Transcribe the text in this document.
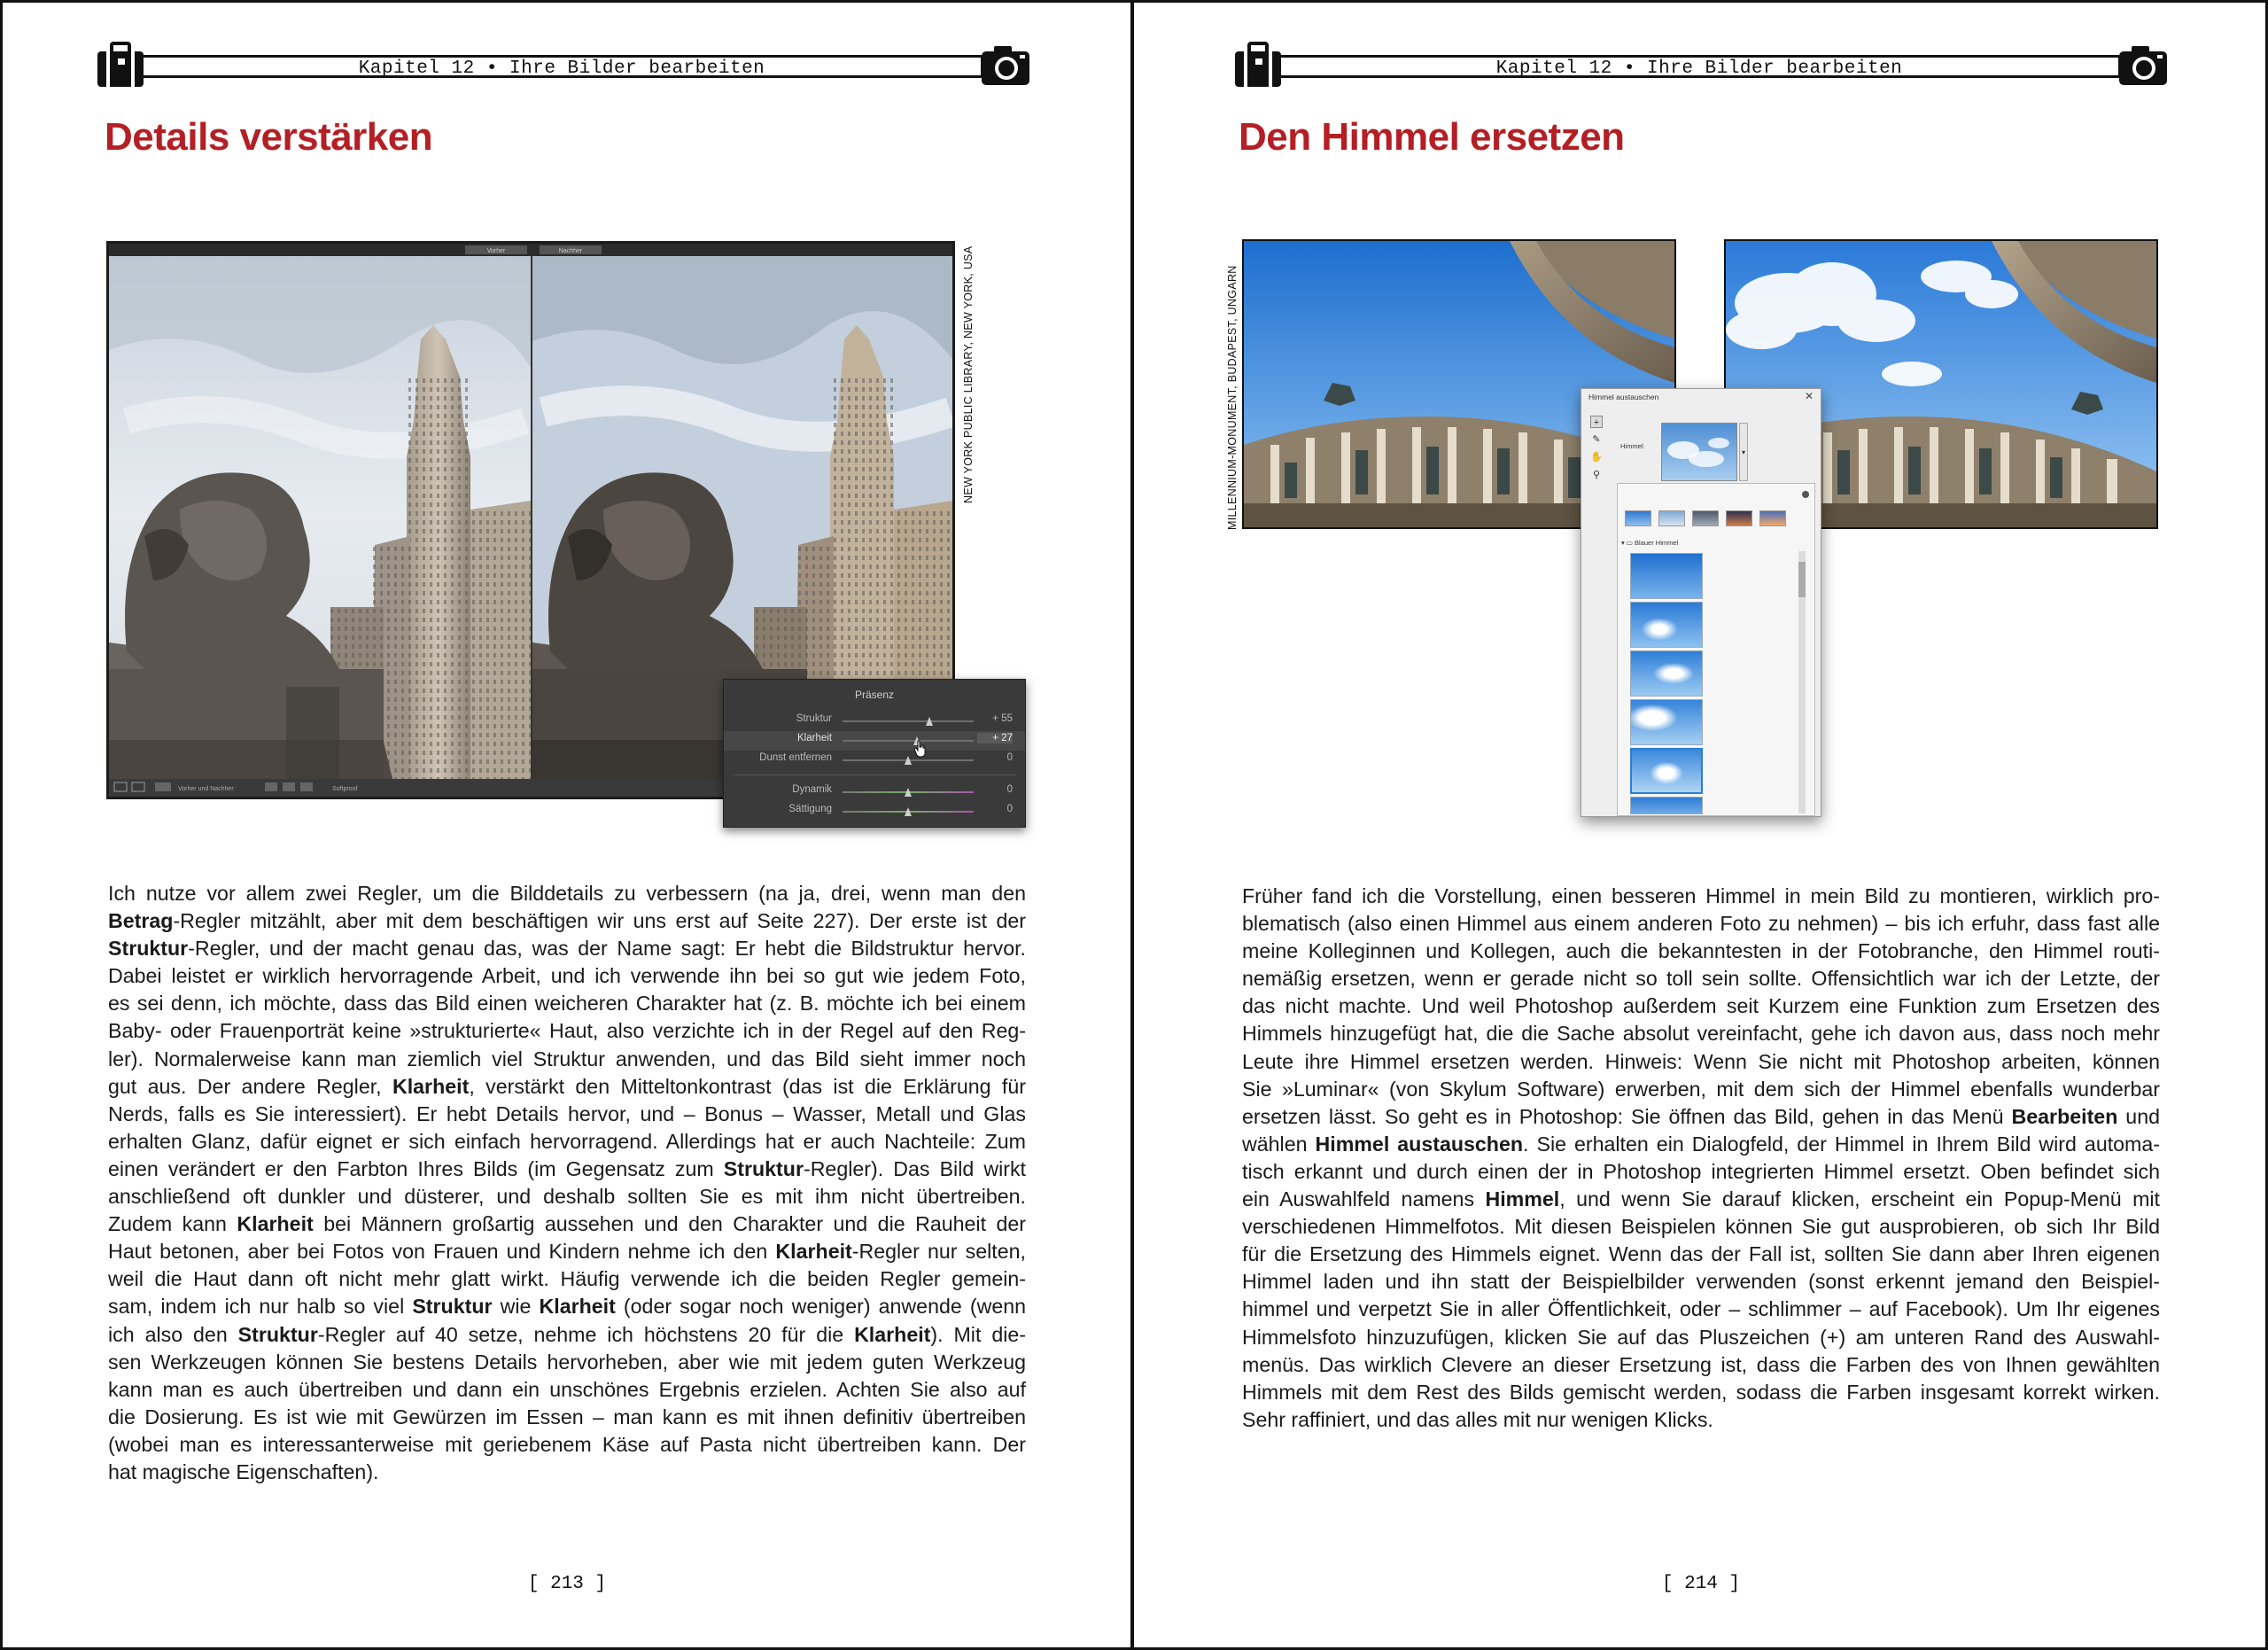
Kapitel 12 • Ihre Bilder bearbeiten
Details verstärken
Vorher	Nachher
Vorher und Nachher	Softproof
Präsenz
Struktur	+ 55
Klarheit	+ 27
Dunst entfernen	0
Dynamik	0
Sättigung	0
NEW YORK PUBLIC LIBRARY, NEW YORK, USA
Ich nutze vor allem zwei Regler, um die Bilddetails zu verbessern (na ja, drei, wenn man den
Betrag-Regler mitzählt, aber mit dem beschäftigen wir uns erst auf Seite 227). Der erste ist der
Struktur-Regler, und der macht genau das, was der Name sagt: Er hebt die Bildstruktur hervor.
Dabei leistet er wirklich hervorragende Arbeit, und ich verwende ihn bei so gut wie jedem Foto,
es sei denn, ich möchte, dass das Bild einen weicheren Charakter hat (z. B. möchte ich bei einem
Baby- oder Frauenporträt keine »strukturierte« Haut, also verzichte ich in der Regel auf den Reg-
ler). Normalerweise kann man ziemlich viel Struktur anwenden, und das Bild sieht immer noch
gut aus. Der andere Regler, Klarheit, verstärkt den Mitteltonkontrast (das ist die Erklärung für
Nerds, falls es Sie interessiert). Er hebt Details hervor, und – Bonus – Wasser, Metall und Glas
erhalten Glanz, dafür eignet er sich einfach hervorragend. Allerdings hat er auch Nachteile: Zum
einen verändert er den Farbton Ihres Bilds (im Gegensatz zum Struktur-Regler). Das Bild wirkt
anschließend oft dunkler und düsterer, und deshalb sollten Sie es mit ihm nicht übertreiben.
Zudem kann Klarheit bei Männern großartig aussehen und den Charakter und die Rauheit der
Haut betonen, aber bei Fotos von Frauen und Kindern nehme ich den Klarheit-Regler nur selten,
weil die Haut dann oft nicht mehr glatt wirkt. Häufig verwende ich die beiden Regler gemein-
sam, indem ich nur halb so viel Struktur wie Klarheit (oder sogar noch weniger) anwende (wenn
ich also den Struktur-Regler auf 40 setze, nehme ich höchstens 20 für die Klarheit). Mit die-
sen Werkzeugen können Sie bestens Details hervorheben, aber wie mit jedem guten Werkzeug
kann man es auch übertreiben und dann ein unschönes Ergebnis erzielen. Achten Sie also auf
die Dosierung. Es ist wie mit Gewürzen im Essen – man kann es mit ihnen definitiv übertreiben
(wobei man es interessanterweise mit geriebenem Käse auf Pasta nicht übertreiben kann. Der
hat magische Eigenschaften).
[ 213 ]
Kapitel 12 • Ihre Bilder bearbeiten
Den Himmel ersetzen
MILLENNIUM-MONUMENT, BUDAPEST, UNGARN	Himmel austauschen	✕
+
✎
✋
⚲
Himmel:
▾
▾ ▭ Blauer Himmel
Früher fand ich die Vorstellung, einen besseren Himmel in mein Bild zu montieren, wirklich pro-
blematisch (also einen Himmel aus einem anderen Foto zu nehmen) – bis ich erfuhr, dass fast alle
meine Kolleginnen und Kollegen, auch die bekanntesten in der Fotobranche, den Himmel routi-
nemäßig ersetzen, wenn er gerade nicht so toll sein sollte. Offensichtlich war ich der Letzte, der
das nicht machte. Und weil Photoshop außerdem seit Kurzem eine Funktion zum Ersetzen des
Himmels hinzugefügt hat, die die Sache absolut vereinfacht, gehe ich davon aus, dass noch mehr
Leute ihre Himmel ersetzen werden. Hinweis: Wenn Sie nicht mit Photoshop arbeiten, können
Sie »Luminar« (von Skylum Software) erwerben, mit dem sich der Himmel ebenfalls wunderbar
ersetzen lässt. So geht es in Photoshop: Sie öffnen das Bild, gehen in das Menü Bearbeiten und
wählen Himmel austauschen. Sie erhalten ein Dialogfeld, der Himmel in Ihrem Bild wird automa-
tisch erkannt und durch einen der in Photoshop integrierten Himmel ersetzt. Oben befindet sich
ein Auswahlfeld namens Himmel, und wenn Sie darauf klicken, erscheint ein Popup-Menü mit
verschiedenen Himmelfotos. Mit diesen Beispielen können Sie gut ausprobieren, ob sich Ihr Bild
für die Ersetzung des Himmels eignet. Wenn das der Fall ist, sollten Sie dann aber Ihren eigenen
Himmel laden und ihn statt der Beispielbilder verwenden (sonst erkennt jemand den Beispiel-
himmel und verpetzt Sie in aller Öffentlichkeit, oder – schlimmer – auf Facebook). Um Ihr eigenes
Himmelsfoto hinzuzufügen, klicken Sie auf das Pluszeichen (+) am unteren Rand des Auswahl-
menüs. Das wirklich Clevere an dieser Ersetzung ist, dass die Farben des von Ihnen gewählten
Himmels mit dem Rest des Bilds gemischt werden, sodass die Farben insgesamt korrekt wirken.
Sehr raffiniert, und das alles mit nur wenigen Klicks.
[ 214 ]
